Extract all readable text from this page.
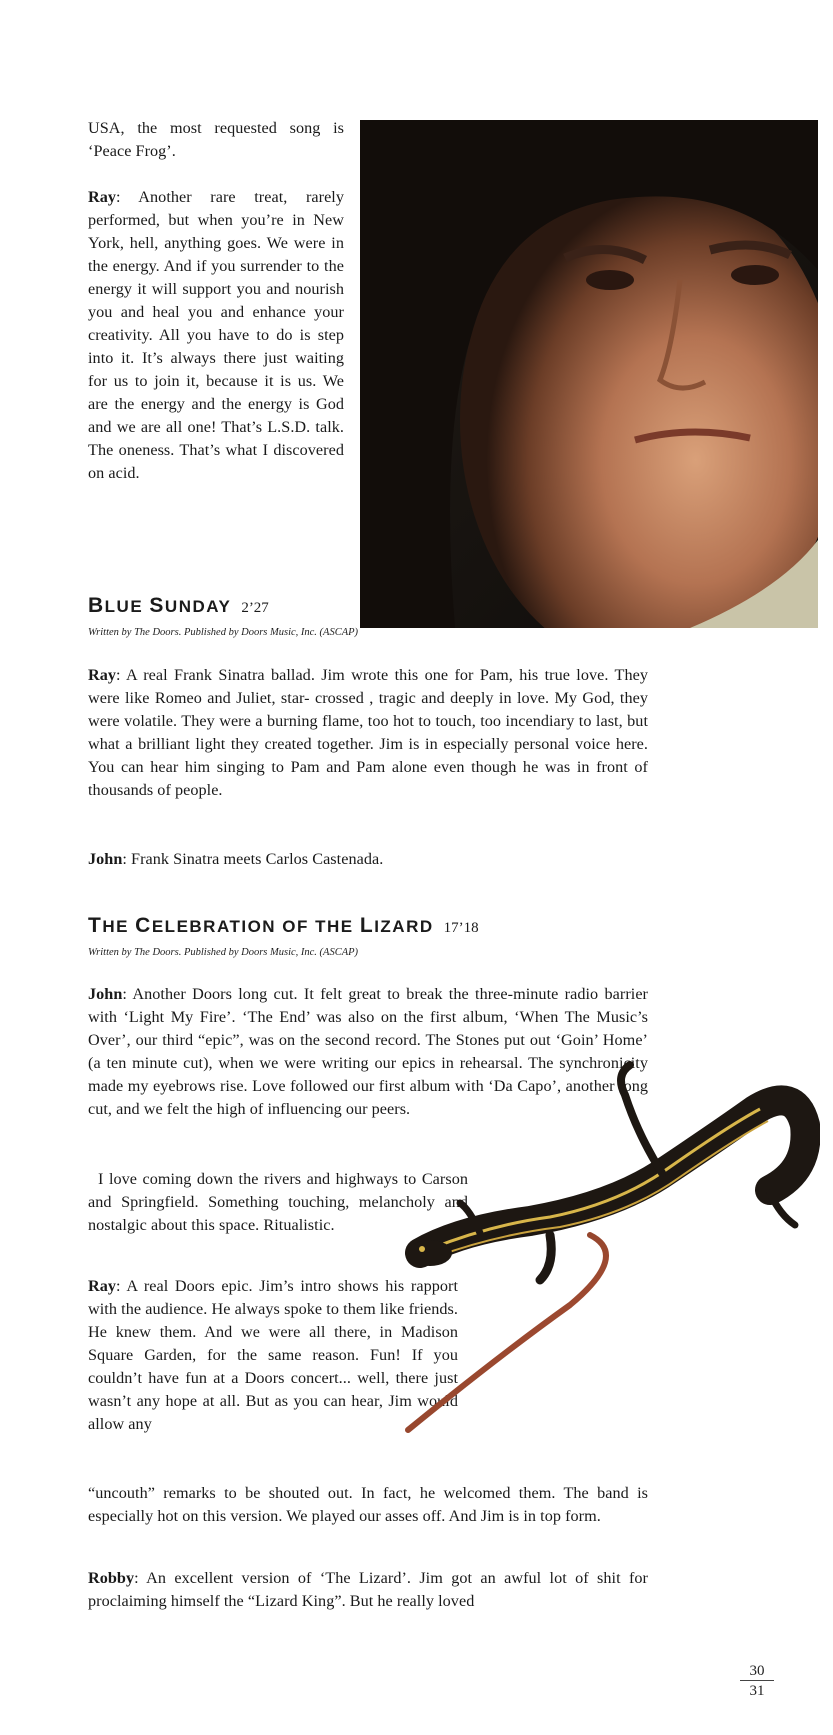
USA, the most requested song is ‘Peace Frog’.

Ray: Another rare treat, rarely performed, but when you’re in New York, hell, anything goes. We were in the energy. And if you surrender to the energy it will support you and nourish you and heal you and enhance your creativity. All you have to do is step into it. It’s always there just waiting for us to join it, because it is us. We are the energy and the energy is God and we are all one! That’s L.S.D. talk. The oneness. That’s what I discovered on acid.

BLUE SUNDAY 2’27
Written by The Doors. Published by Doors Music, Inc. (ASCAP)

Ray: A real Frank Sinatra ballad. Jim wrote this one for Pam, his true love. They were like Romeo and Juliet, star- crossed , tragic and deeply in love. My God, they were volatile. They were a burning flame, too hot to touch, too incendiary to last, but what a brilliant light they created together. Jim is in especially personal voice here. You can hear him singing to Pam and Pam alone even though he was in front of thousands of people.

John: Frank Sinatra meets Carlos Castenada.

THE CELEBRATION OF THE LIZARD 17’18
Written by The Doors. Published by Doors Music, Inc. (ASCAP)

John: Another Doors long cut. It felt great to break the three-minute radio barrier with ‘Light My Fire’. ‘The End’ was also on the first album, ‘When The Music’s Over’, our third “epic”, was on the second record. The Stones put out ‘Goin’ Home’ (a ten minute cut), when we were writing our epics in rehearsal. The synchronicity made my eyebrows rise. Love followed our first album with ‘Da Capo’, another long cut, and we felt the high of influencing our peers.

I love coming down the rivers and highways to Carson and Springfield. Something touching, melancholy and nostalgic about this space. Ritualistic.

Ray: A real Doors epic. Jim’s intro shows his rapport with the audience. He always spoke to them like friends. He knew them. And we were all there, in Madison Square Garden, for the same reason. Fun! If you couldn’t have fun at a Doors concert... well, there just wasn’t any hope at all. But as you can hear, Jim would allow any

“uncouth” remarks to be shouted out. In fact, he welcomed them. The band is especially hot on this version. We played our asses off. And Jim is in top form.

Robby: An excellent version of ‘The Lizard’. Jim got an awful lot of shit for proclaiming himself the “Lizard King”. But he really loved

30
31
